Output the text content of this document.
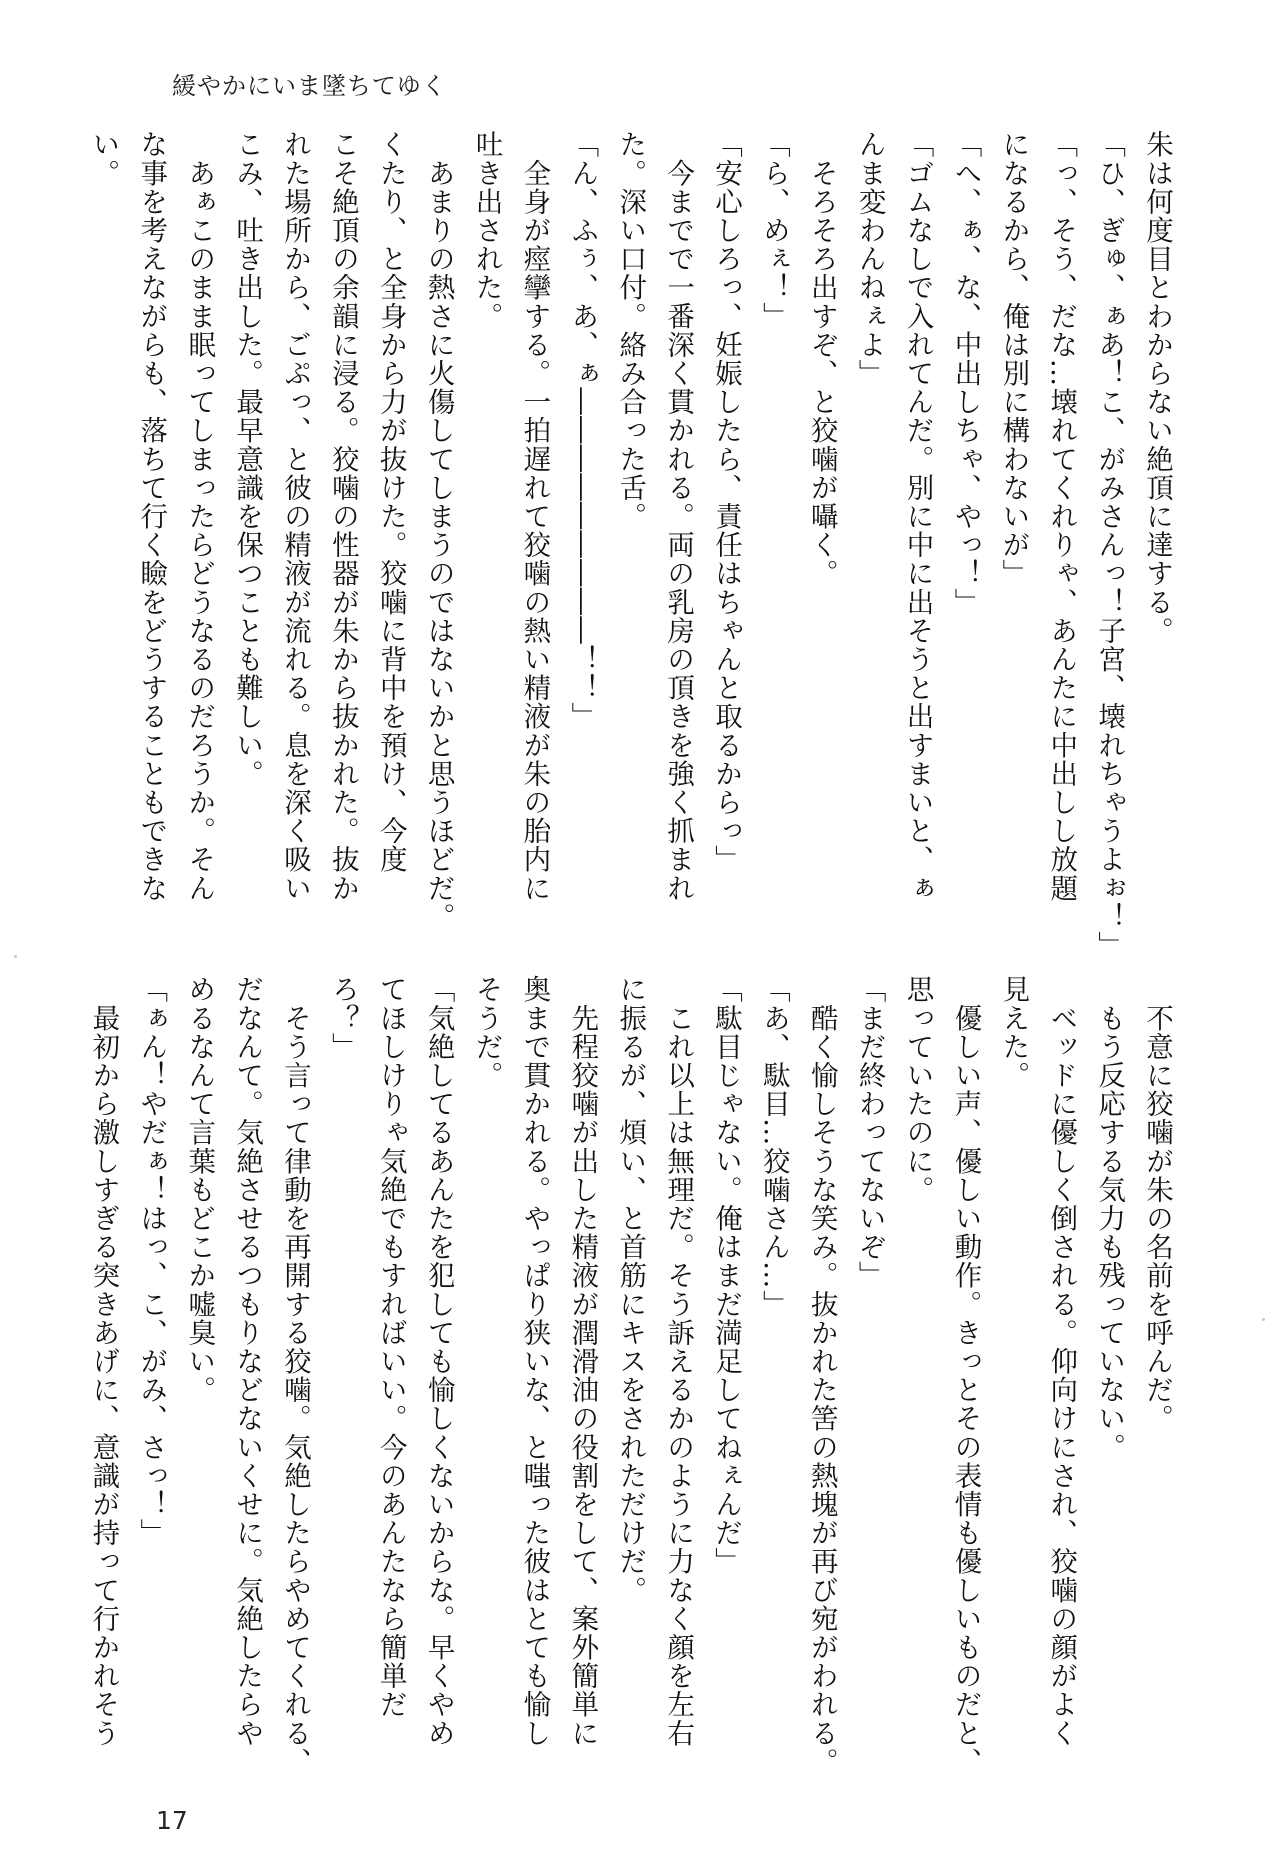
緩やかにいま墜ちてゆく
朱は何度目とわからない絶頂に達する。
「ひ、ぎゅ、ぁあ！こ、がみさんっ！子宮、壊れちゃうよぉ！」
「っ、そう、だな…壊れてくれりゃ、あんたに中出しし放題
になるから、俺は別に構わないが」
「へ、ぁ、な、中出しちゃ、やっ！」
「ゴムなしで入れてんだ。別に中に出そうと出すまいと、ぁ
んま変わんねぇよ」
　そろそろ出すぞ、と狡噛が囁く。
「ら、めぇ！」
「安心しろっ、妊娠したら、責任はちゃんと取るからっ」
　今までで一番深く貫かれる。両の乳房の頂きを強く抓まれ
た。深い口付。絡み合った舌。
「ん、ふぅ、あ、ぁ―――――――――！！」
　全身が痙攣する。一拍遅れて狡噛の熱い精液が朱の胎内に
吐き出された。
　あまりの熱さに火傷してしまうのではないかと思うほどだ。
くたり、と全身から力が抜けた。狡噛に背中を預け、今度
こそ絶頂の余韻に浸る。狡噛の性器が朱から抜かれた。抜か
れた場所から、ごぷっ、と彼の精液が流れる。息を深く吸い
こみ、吐き出した。最早意識を保つことも難しい。
　あぁこのまま眠ってしまったらどうなるのだろうか。そん
な事を考えながらも、落ちて行く瞼をどうすることもできな
い。
　不意に狡噛が朱の名前を呼んだ。
　もう反応する気力も残っていない。
　ベッドに優しく倒される。仰向けにされ、狡噛の顔がよく
見えた。
　優しい声、優しい動作。きっとその表情も優しいものだと、
思っていたのに。
「まだ終わってないぞ」
　酷く愉しそうな笑み。抜かれた筈の熱塊が再び宛がわれる。
「あ、駄目…狡噛さん…」
「駄目じゃない。俺はまだ満足してねぇんだ」
　これ以上は無理だ。そう訴えるかのように力なく顔を左右
に振るが、煩い、と首筋にキスをされただけだ。
　先程狡噛が出した精液が潤滑油の役割をして、案外簡単に
奥まで貫かれる。やっぱり狭いな、と嗤った彼はとても愉し
そうだ。
「気絶してるあんたを犯しても愉しくないからな。早くやめ
てほしけりゃ気絶でもすればいい。今のあんたなら簡単だ
ろ？」
　そう言って律動を再開する狡噛。気絶したらやめてくれる、
だなんて。気絶させるつもりなどないくせに。気絶したらや
めるなんて言葉もどこか嘘臭い。
「ぁん！やだぁ！はっ、こ、がみ、さっ！」
　最初から激しすぎる突きあげに、意識が持って行かれそう
17
